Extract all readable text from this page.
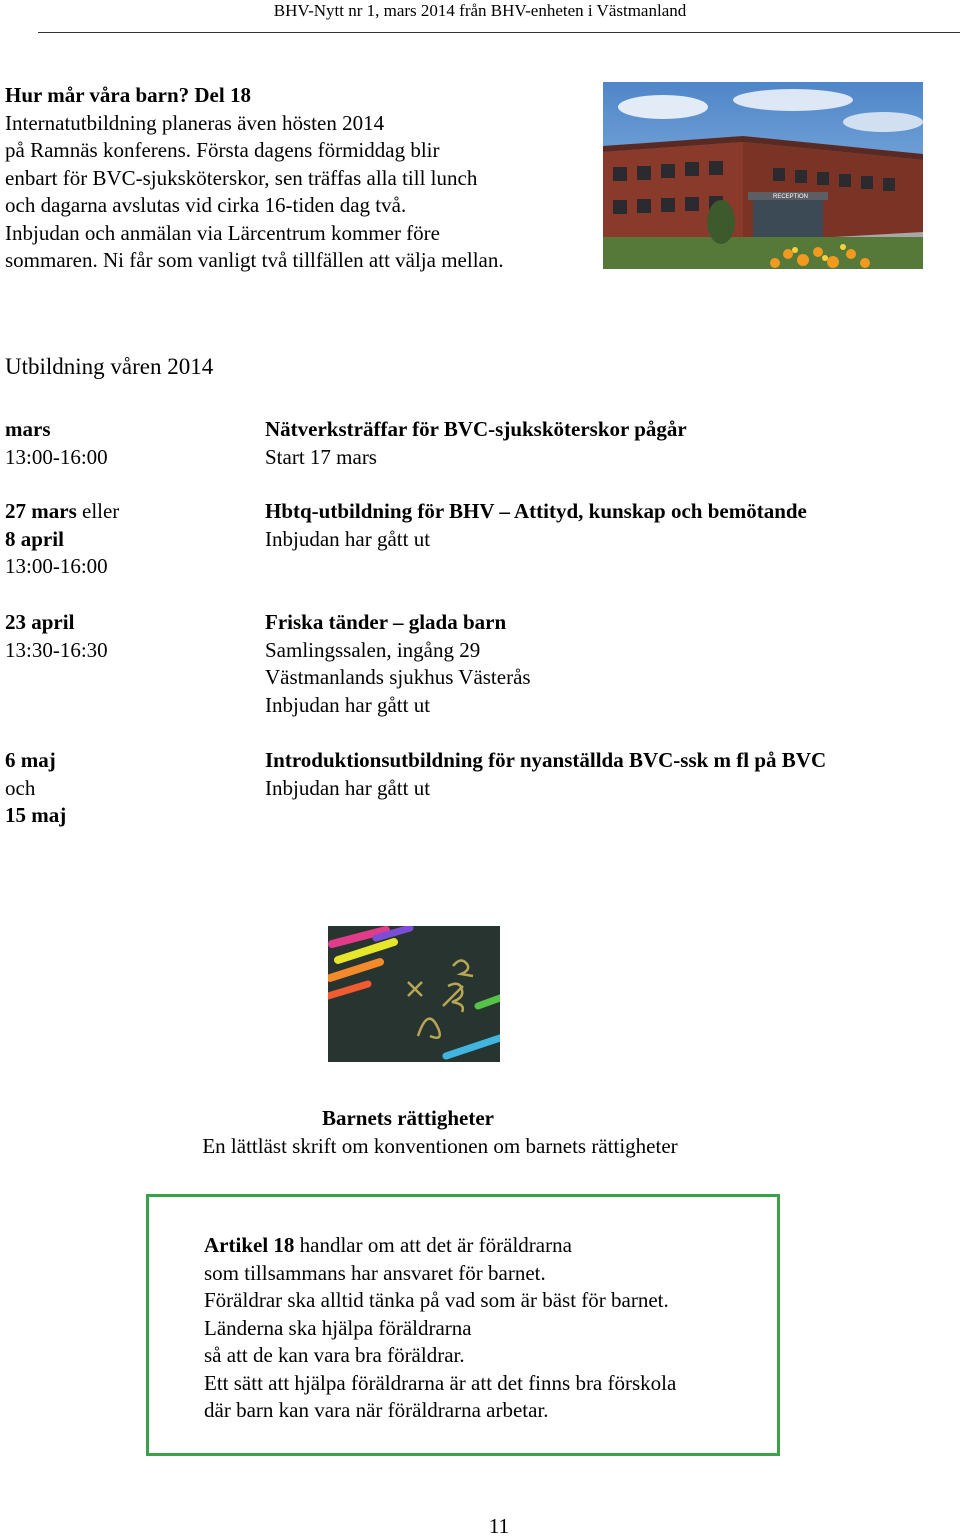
BHV-Nytt nr 1, mars 2014 från BHV-enheten i Västmanland

Hur mår våra barn? Del 18

Internatutbildning planeras även hösten 2014

på Ramnäs konferens. Första dagens förmiddag blir

enbart för BVC-sjuksköterskor, sen träffas alla till lunch

och dagarna avslutas vid cirka 16-tiden dag två.

Inbjudan och anmälan via Lärcentrum kommer före

sommaren. Ni får som vanligt två tillfällen att välja mellan.

RECEPTION
Utbildning våren 2014
mars
13:00-16:00
Nätverksträffar för BVC-sjuksköterskor pågår
Start 17 mars
27 mars eller
8 april
13:00-16:00
Hbtq-utbildning för BHV – Attityd, kunskap och bemötande
Inbjudan har gått ut
23 april
13:30-16:30
Friska tänder – glada barn
Samlingssalen, ingång 29
Västmanlands sjukhus Västerås
Inbjudan har gått ut
6 maj
och
15 maj
Introduktionsutbildning för nyanställda BVC-ssk m fl på BVC
Inbjudan har gått ut
Barnets rättigheter
En lättläst skrift om konventionen om barnets rättigheter
Artikel 18 handlar om att det är föräldrarna
som tillsammans har ansvaret för barnet.
Föräldrar ska alltid tänka på vad som är bäst för barnet.
Länderna ska hjälpa föräldrarna
så att de kan vara bra föräldrar.
Ett sätt att hjälpa föräldrarna är att det finns bra förskola
där barn kan vara när föräldrarna arbetar.
11
